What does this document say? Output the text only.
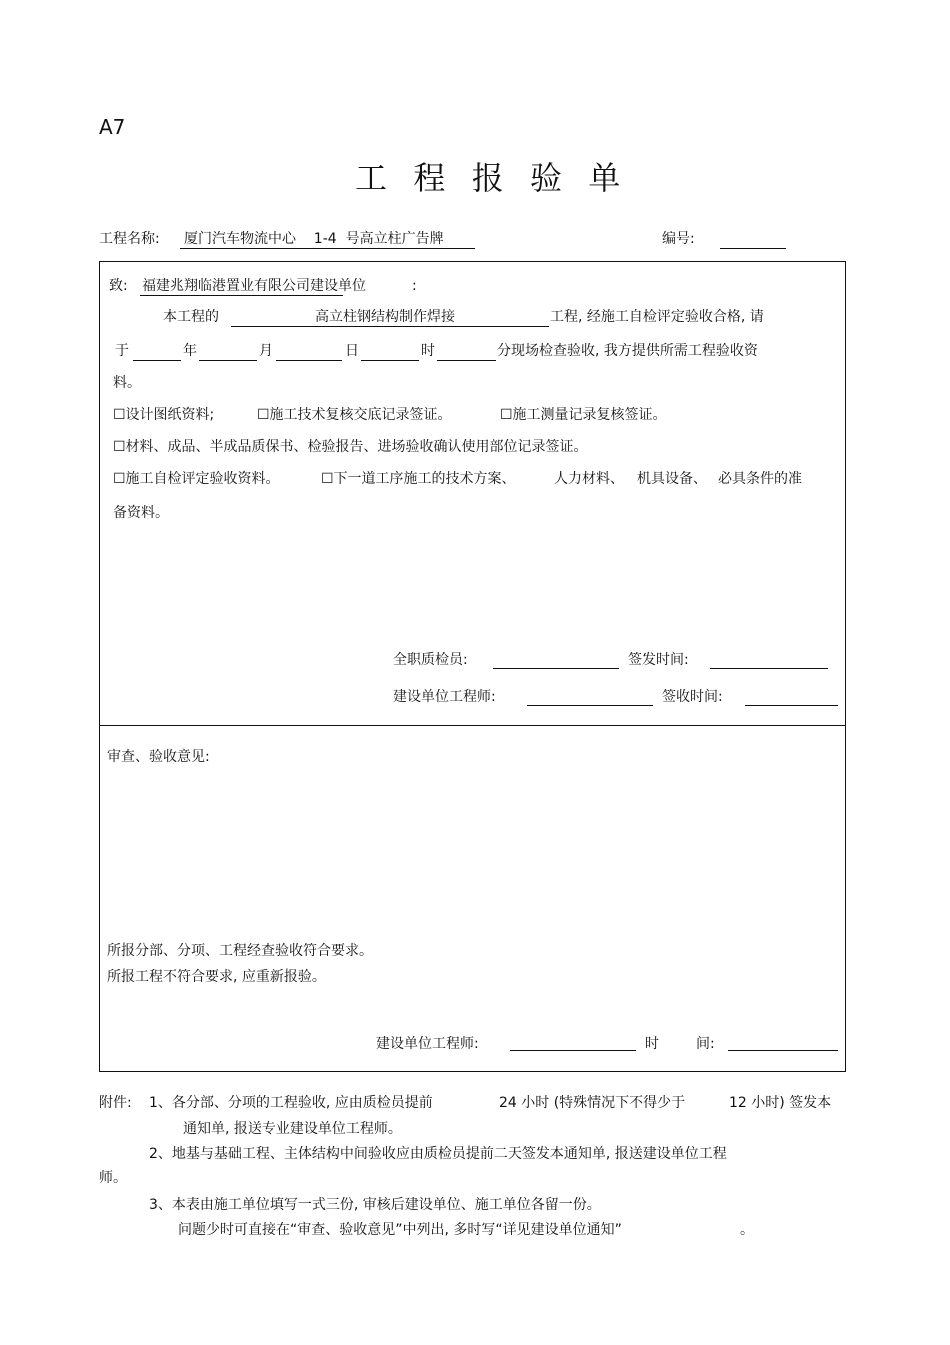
A7
工  程  报  验  单
工程名称: 厦门汽车物流中心    1-4  号高立柱广告牌	编号:
致: 福建兆翔临港置业有限公司建设单位	:
本工程的	高立柱钢结构制作焊接	工程, 经施工自检评定验收合格, 请
于	年	月	日	时	分现场检查验收, 我方提供所需工程验收资
料。
☐设计图纸资料;	☐施工技术复核交底记录签证。	☐施工测量记录复核签证。
☐材料、成品、半成品质保书、检验报告、进场验收确认使用部位记录签证。
☐施工自检评定验收资料。	☐下一道工序施工的技术方案、	人力材料、 机具设备、 必具条件的准
备资料。
全职质检员:	签发时间:
建设单位工程师:	签收时间:
审查、验收意见:
所报分部、分项、工程经查验收符合要求。
所报工程不符合要求, 应重新报验。
建设单位工程师:	时	间:
附件: 1、各分部、分项的工程验收, 应由质检员提前	24 小时 (特殊情况下不得少于	12 小时) 签发本
通知单, 报送专业建设单位工程师。
2、地基与基础工程、主体结构中间验收应由质检员提前二天签发本通知单, 报送建设单位工程
师。
3、本表由施工单位填写一式三份, 审核后建设单位、施工单位各留一份。
问题少时可直接在“审查、验收意见”中列出, 多时写“详见建设单位通知”	。
